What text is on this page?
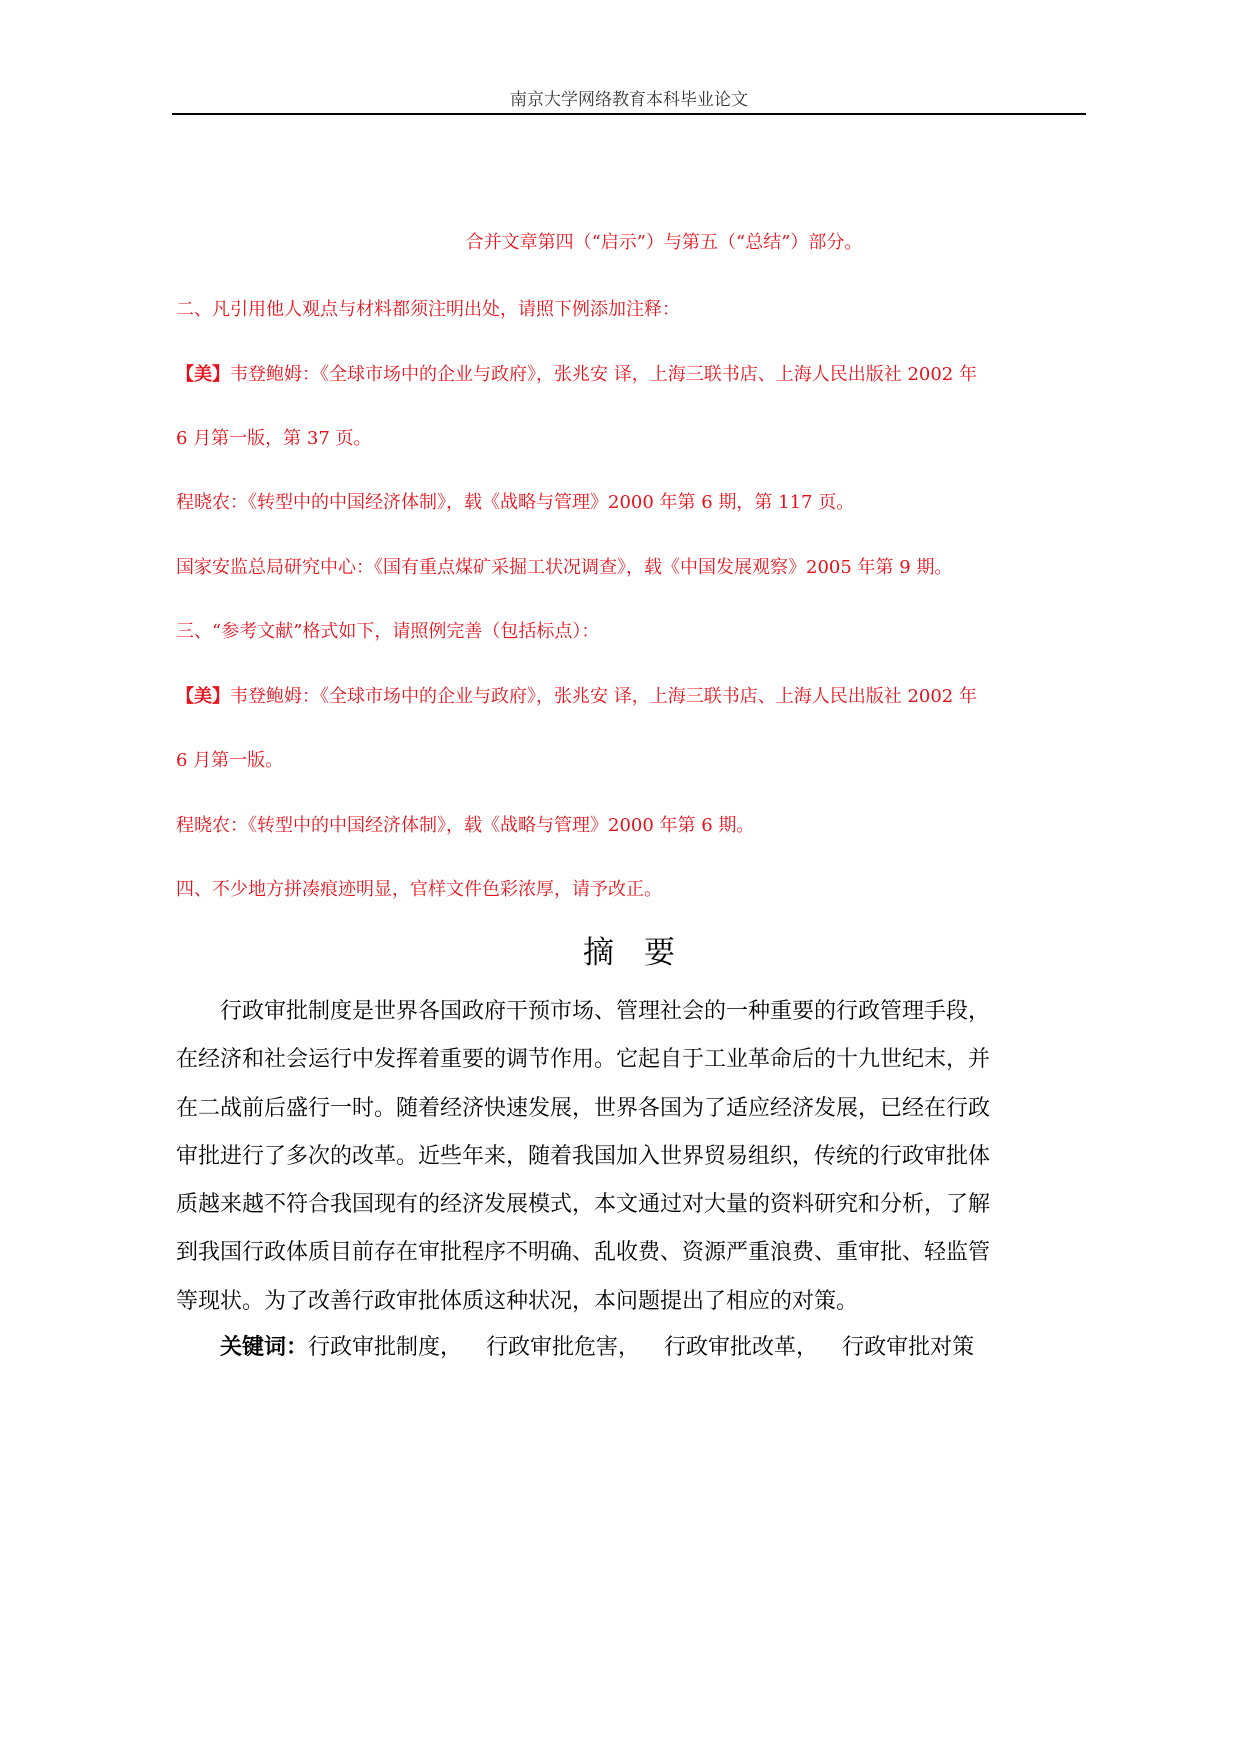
南京大学网络教育本科毕业论文
合并文章第四（“启示”）与第五（“总结”）部分。
二、凡引用他人观点与材料都须注明出处，请照下例添加注释：
【美】韦登鲍姆：《全球市场中的企业与政府》，张兆安 译，上海三联书店、上海人民出版社 2002 年
6 月第一版，第 37 页。
程晓农：《转型中的中国经济体制》，载《战略与管理》2000 年第 6 期，第 117 页。
国家安监总局研究中心：《国有重点煤矿采掘工状况调查》，载《中国发展观察》2005 年第 9 期。
三、“参考文献”格式如下，请照例完善（包括标点）：
【美】韦登鲍姆：《全球市场中的企业与政府》，张兆安 译，上海三联书店、上海人民出版社 2002 年
6 月第一版。
程晓农：《转型中的中国经济体制》，载《战略与管理》2000 年第 6 期。
四、不少地方拼凑痕迹明显，官样文件色彩浓厚，请予改正。
摘要
行政审批制度是世界各国政府干预市场、管理社会的一种重要的行政管理手段，
在经济和社会运行中发挥着重要的调节作用。它起自于工业革命后的十九世纪末，并
在二战前后盛行一时。随着经济快速发展，世界各国为了适应经济发展，已经在行政
审批进行了多次的改革。近些年来，随着我国加入世界贸易组织，传统的行政审批体
质越来越不符合我国现有的经济发展模式，本文通过对大量的资料研究和分析，了解
到我国行政体质目前存在审批程序不明确、乱收费、资源严重浪费、重审批、轻监管
等现状。为了改善行政审批体质这种状况，本问题提出了相应的对策。
关键词：行政审批制度， 行政审批危害， 行政审批改革， 行政审批对策
